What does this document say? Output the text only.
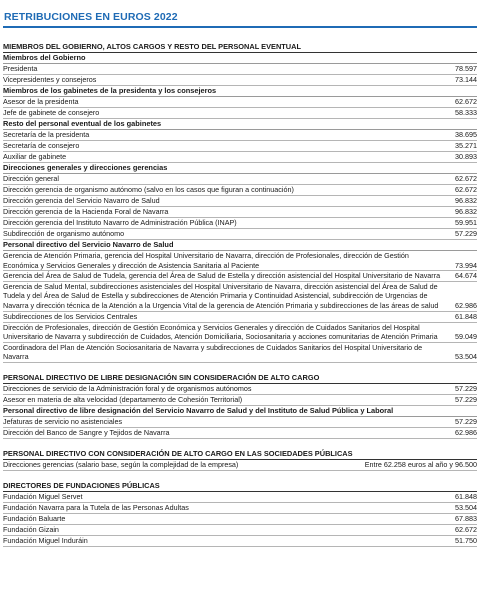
RETRIBUCIONES EN EUROS 2022
MIEMBROS DEL GOBIERNO, ALTOS CARGOS Y RESTO DEL PERSONAL EVENTUAL
Miembros del Gobierno
Presidenta	78.597
Vicepresidentes y consejeros	73.144
Miembros de los gabinetes de la presidenta y los consejeros
Asesor de la presidenta	62.672
Jefe de gabinete de consejero	58.333
Resto del personal eventual de los gabinetes
Secretaría de la presidenta	38.695
Secretaría de consejero	35.271
Auxiliar de gabinete	30.893
Direcciones generales y direcciones gerencias
Dirección general	62.672
Dirección gerencia de organismo autónomo (salvo en los casos que figuran a continuación)	62.672
Dirección gerencia del Servicio Navarro de Salud	96.832
Dirección gerencia de la Hacienda Foral de Navarra	96.832
Dirección gerencia del Instituto Navarro de Administración Pública (INAP)	59.951
Subdirección de organismo autónomo	57.229
Personal directivo del Servicio Navarro de Salud
Gerencia de Atención Primaria, gerencia del Hospital Universitario de Navarra, dirección de Profesionales, dirección de Gestión Económica y Servicios Generales y dirección de Asistencia Sanitaria al Paciente	73.994
Gerencia del Área de Salud de Tudela, gerencia del Área de Salud de Estella y dirección asistencial del Hospital Universitario de Navarra	64.674
Gerencia de Salud Mental, subdirecciones asistenciales del Hospital Universitario de Navarra, dirección asistencial del Área de Salud de Tudela y del Área de Salud de Estella y subdirecciones de Atención Primaria y Continuidad Asistencial, subdirección de Urgencias de Navarra y dirección técnica de la Atención a la Urgencia Vital de la gerencia de Atención Primaria y subdirecciones de las áreas de salud	62.986
Subdirecciones de los Servicios Centrales	61.848
Dirección de Profesionales, dirección de Gestión Económica y Servicios Generales y dirección de Cuidados Sanitarios del Hospital Universitario de Navarra y subdirección de Cuidados, Atención Domiciliaria, Sociosanitaria y acciones comunitarias de Atención Primaria	59.049
Coordinadora del Plan de Atención Sociosanitaria de Navarra y subdirecciones de Cuidados Sanitarios del Hospital Universitario de Navarra	53.504
PERSONAL DIRECTIVO DE LIBRE DESIGNACIÓN SIN CONSIDERACIÓN DE ALTO CARGO
Direcciones de servicio de la Administración foral y de organismos autónomos	57.229
Asesor en materia de alta velocidad (departamento de Cohesión Territorial)	57.229
Personal directivo de libre designación del Servicio Navarro de Salud y del Instituto de Salud Pública y Laboral
Jefaturas de servicio no asistenciales	57.229
Dirección del Banco de Sangre y Tejidos de Navarra	62.986
PERSONAL DIRECTIVO CON CONSIDERACIÓN DE ALTO CARGO EN LAS SOCIEDADES PÚBLICAS
Direcciones gerencias (salario base, según la complejidad de la empresa)	Entre 62.258 euros al año y 96.500
DIRECTORES DE FUNDACIONES PÚBLICAS
Fundación Miguel Servet	61.848
Fundación Navarra para la Tutela de las Personas Adultas	53.504
Fundación Baluarte	67.883
Fundación Gizain	62.672
Fundación Miguel Induráin	51.750
